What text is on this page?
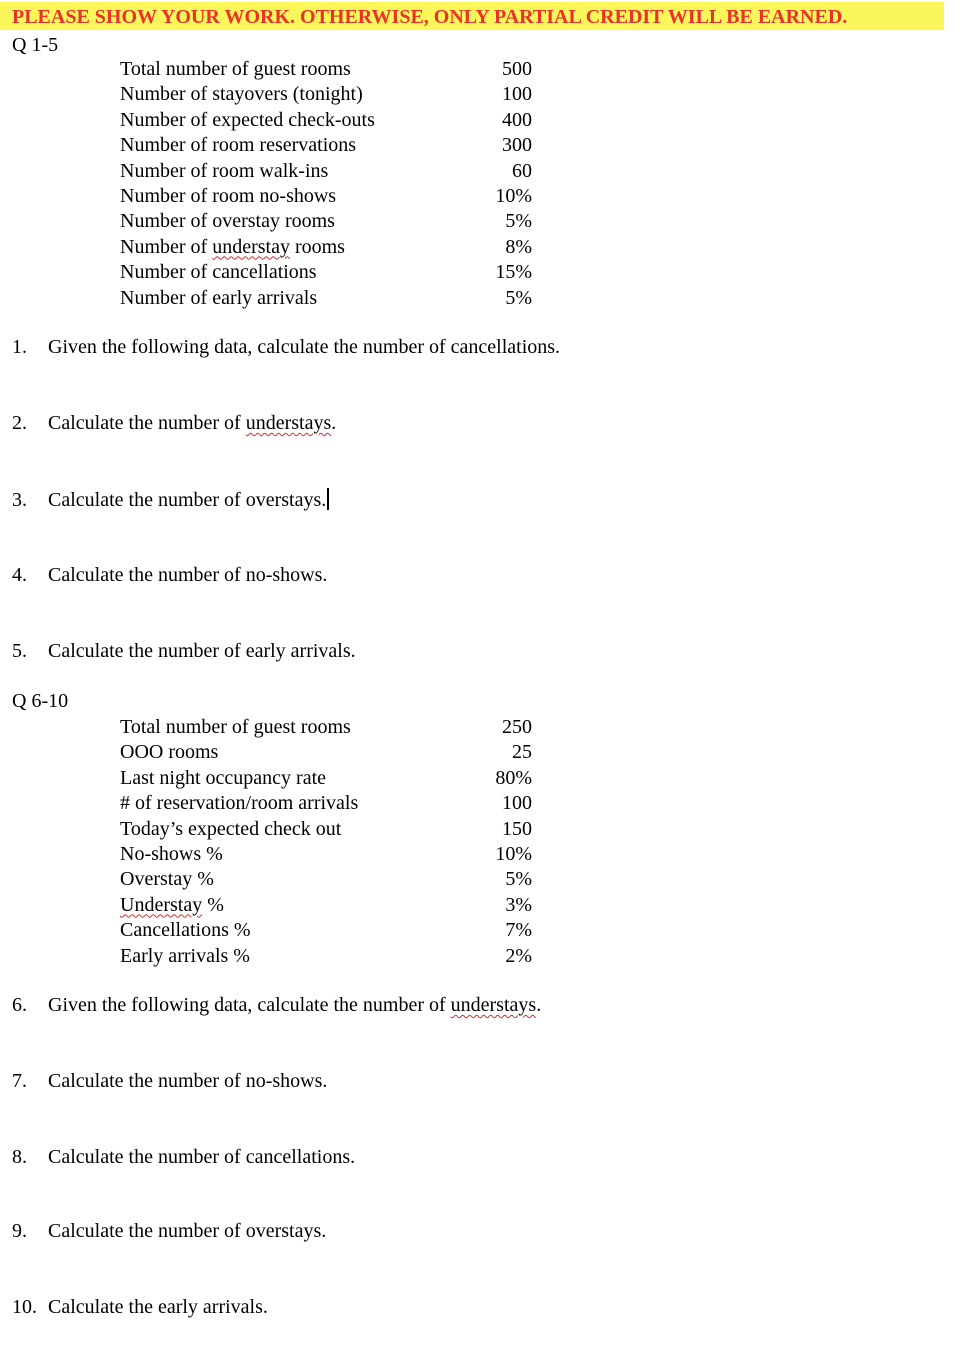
PLEASE SHOW YOUR WORK. OTHERWISE, ONLY PARTIAL CREDIT WILL BE EARNED.
Q 1-5
Total number of guest rooms	500
Number of stayovers (tonight)	100
Number of expected check-outs	400
Number of room reservations	300
Number of room walk-ins	60
Number of room no-shows	10%
Number of overstay rooms	5%
Number of understay rooms	8%
Number of cancellations	15%
Number of early arrivals	5%
1. Given the following data, calculate the number of cancellations.
2. Calculate the number of understays.
3. Calculate the number of overstays.
4. Calculate the number of no-shows.
5. Calculate the number of early arrivals.
Q 6-10
Total number of guest rooms	250
OOO rooms	25
Last night occupancy rate	80%
# of reservation/room arrivals	100
Today’s expected check out	150
No-shows %	10%
Overstay %	5%
Understay %	3%
Cancellations %	7%
Early arrivals %	2%
6. Given the following data, calculate the number of understays.
7. Calculate the number of no-shows.
8. Calculate the number of cancellations.
9. Calculate the number of overstays.
10. Calculate the early arrivals.
